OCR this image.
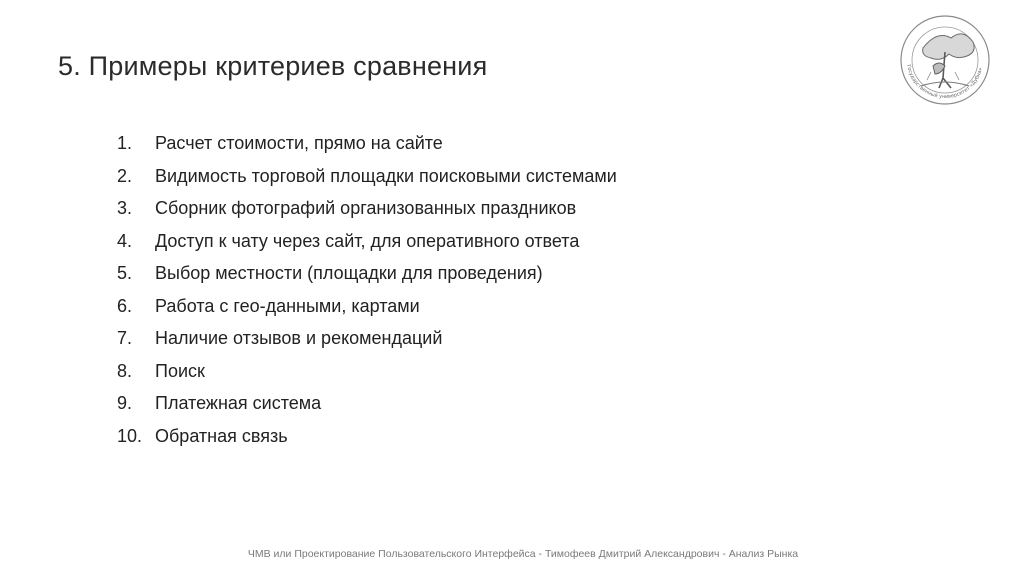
5. Примеры критериев сравнения	Государственный университет «Дубна»
1.	Расчет стоимости, прямо на сайте
2.	Видимость торговой площадки поисковыми системами
3.	Сборник фотографий организованных праздников
4.	Доступ к чату через сайт, для оперативного ответа
5.	Выбор местности (площадки для проведения)
6.	Работа с гео-данными, картами
7.	Наличие отзывов и рекомендаций
8.	Поиск
9.	Платежная система
10. Обратная связь
ЧМВ или Проектирование Пользовательского Интерфейса - Тимофеев Дмитрий Александрович - Анализ Рынка
